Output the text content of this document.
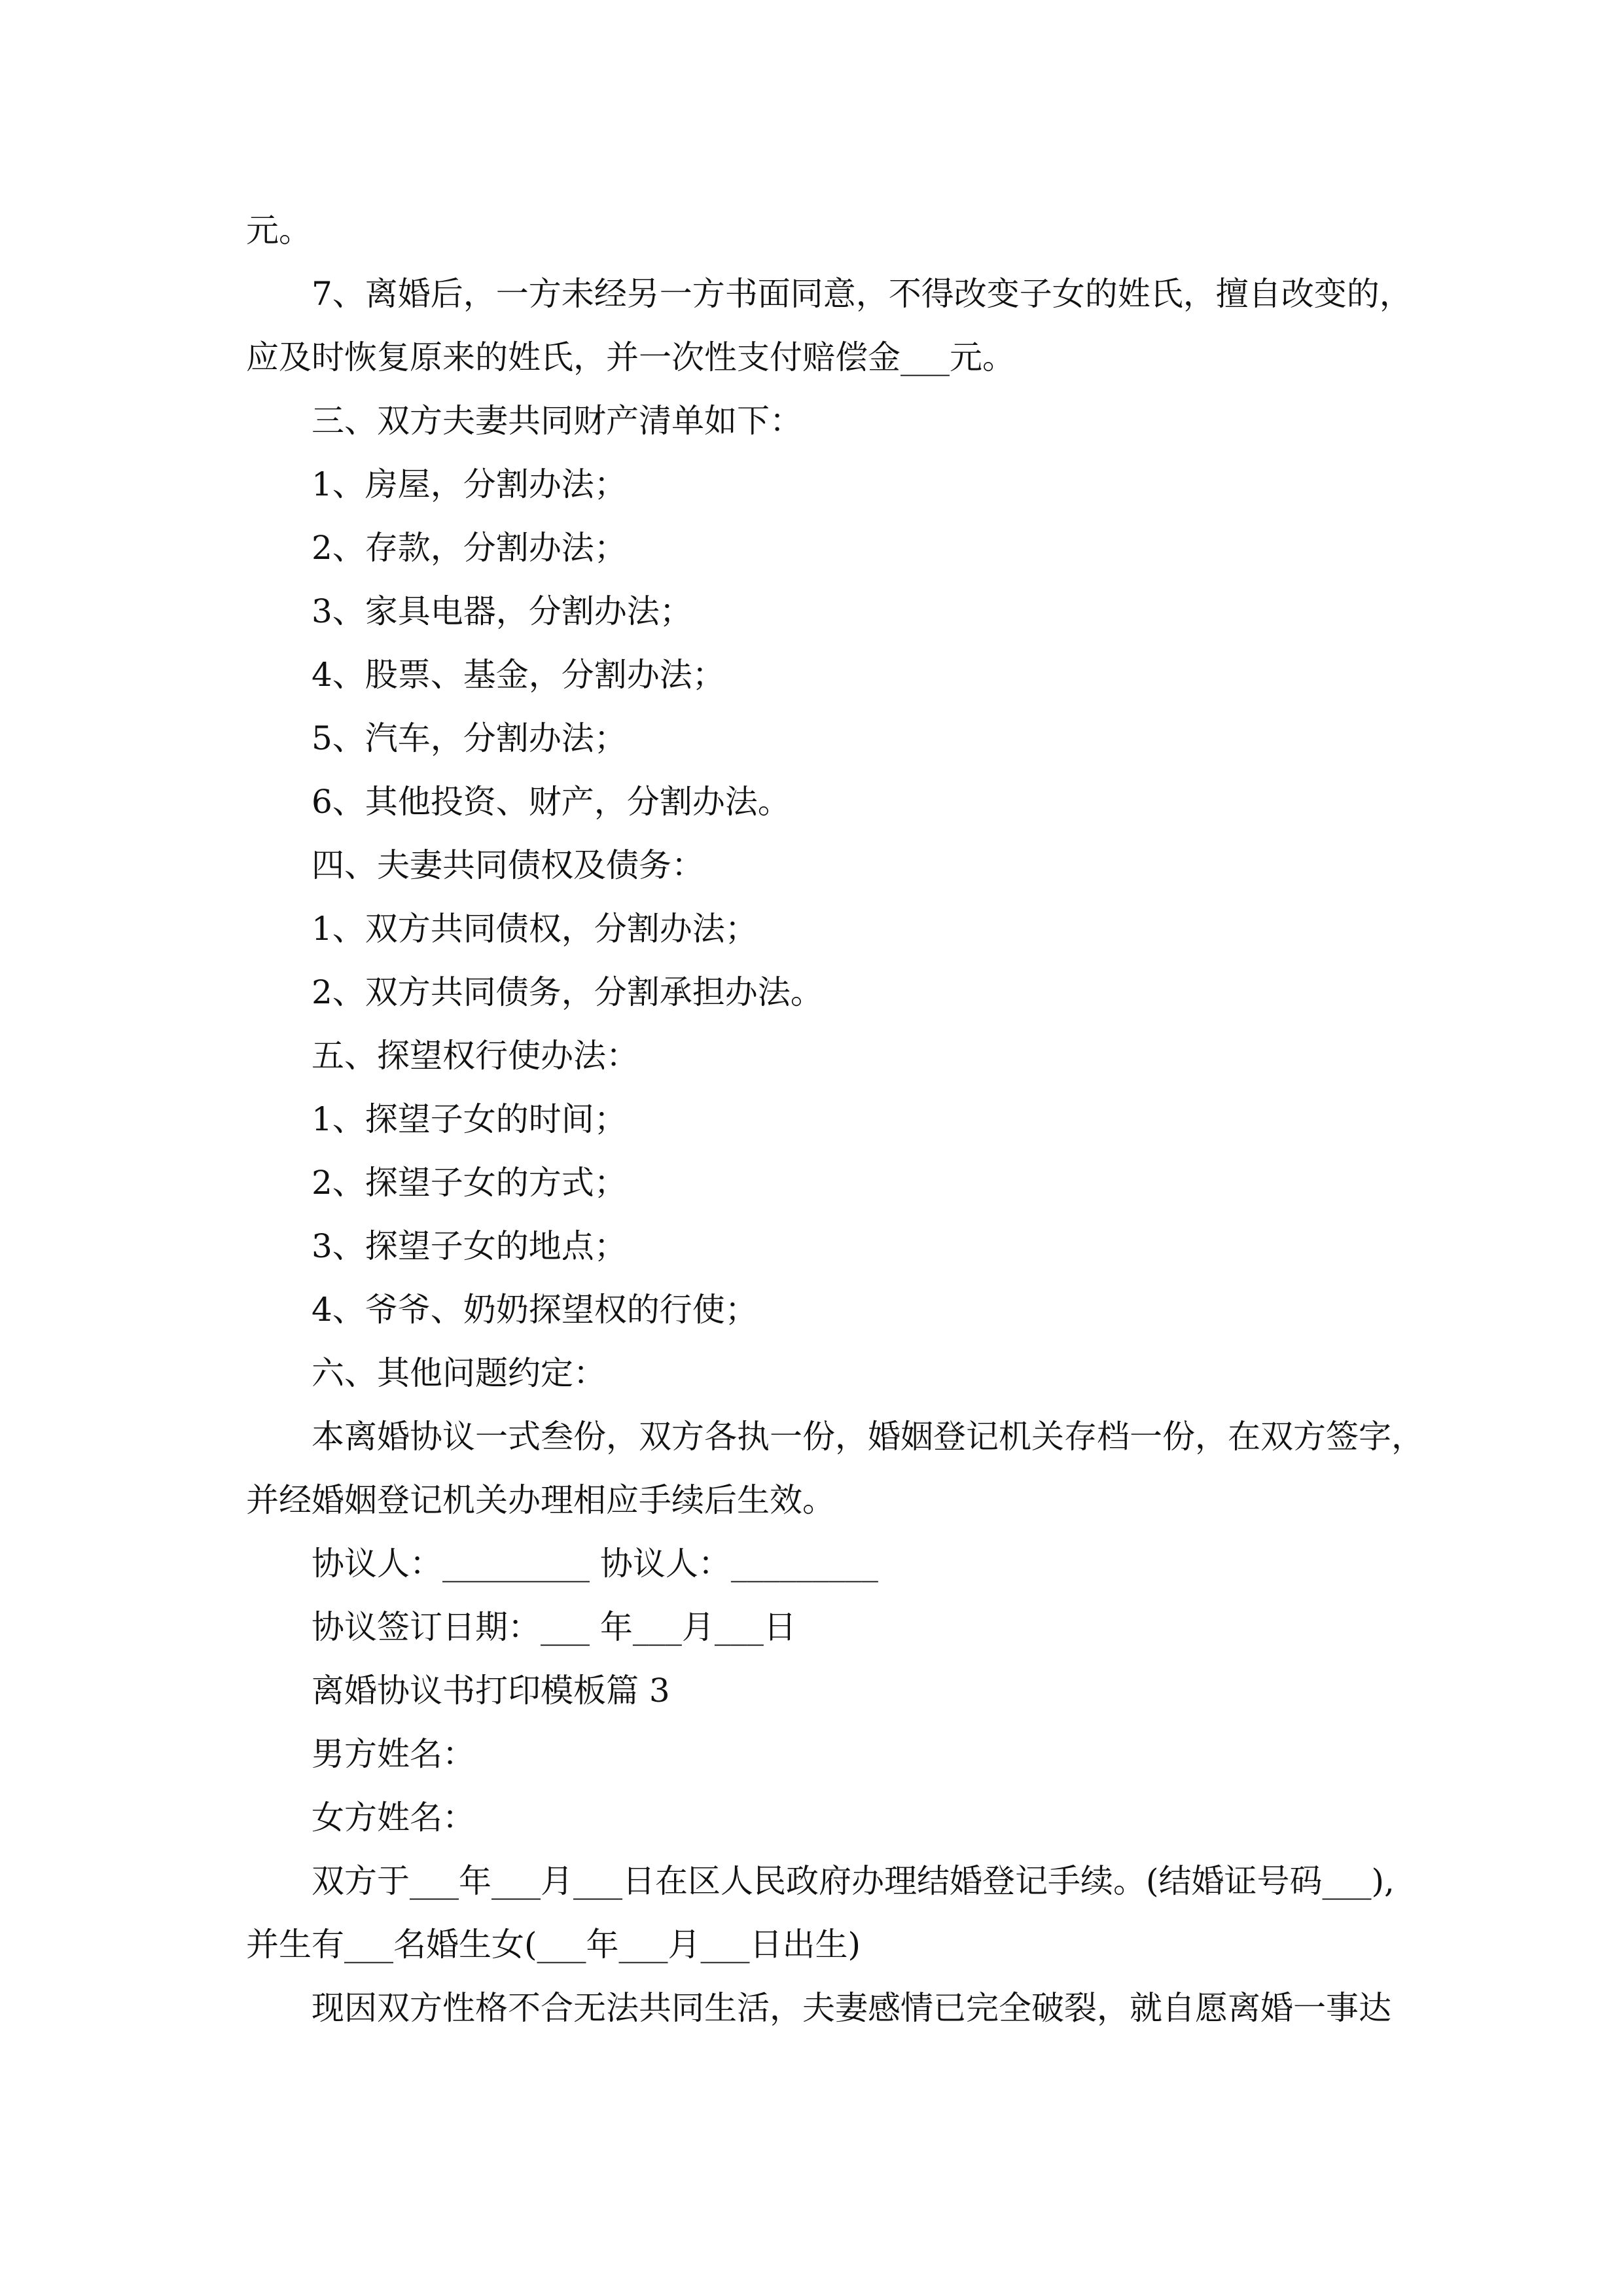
元。
7、离婚后，一方未经另一方书面同意，不得改变子女的姓氏，擅自改变的，
应及时恢复原来的姓氏，并一次性支付赔偿金___元。
三、双方夫妻共同财产清单如下：
1、房屋，分割办法；
2、存款，分割办法；
3、家具电器，分割办法；
4、股票、基金，分割办法；
5、汽车，分割办法；
6、其他投资、财产，分割办法。
四、夫妻共同债权及债务：
1、双方共同债权，分割办法；
2、双方共同债务，分割承担办法。
五、探望权行使办法：
1、探望子女的时间；
2、探望子女的方式；
3、探望子女的地点；
4、爷爷、奶奶探望权的行使；
六、其他问题约定：
本离婚协议一式叁份，双方各执一份，婚姻登记机关存档一份，在双方签字，
并经婚姻登记机关办理相应手续后生效。
协议人：_________ 协议人：_________
协议签订日期：___ 年___月___日
离婚协议书打印模板篇 3
男方姓名：
女方姓名：
双方于___年___月___日在区人民政府办理结婚登记手续。(结婚证号码___),
并生有___名婚生女(___年___月___日出生)
现因双方性格不合无法共同生活，夫妻感情已完全破裂，就自愿离婚一事达
